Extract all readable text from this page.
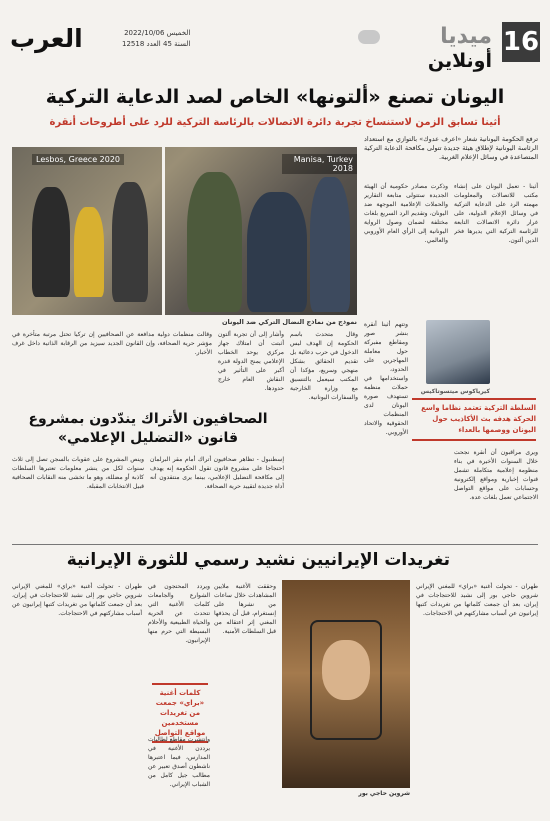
16
ميديا
أونلاين
الخميس 2022/10/06
السنة 45 العدد 12518
العرب
اليونان تصنع «ألتونها» الخاص لصد الدعاية التركية
أثينا تسابق الزمن لاستنساخ تجربة دائرة الاتصالات بالرئاسة التركية للرد على أطروحات أنقرة
Lesbos, Greece 2020	Manisa, Turkey 2018
نموذج من نماذج النضال التركي ضد اليونان
ترفع الحكومة اليونانية شعار «اعرف عدوك» بالتوازي مع استعداد الرئاسة اليونانية لإطلاق هيئة جديدة تتولى مكافحة الدعاية التركية المتصاعدة في وسائل الإعلام الغربية.
أثينا - تعمل اليونان على إنشاء مكتب للاتصالات والمعلومات مهمته الرد على الدعاية التركية في وسائل الإعلام الدولية، على غرار دائرة الاتصالات التابعة للرئاسة التركية التي يديرها فخر الدين ألتون.
وذكرت مصادر حكومية أن الهيئة الجديدة ستتولى متابعة التقارير والحملات الإعلامية الموجهة ضد اليونان، وتقديم الرد السريع بلغات مختلفة لضمان وصول الرواية اليونانية إلى الرأي العام الأوروبي والعالمي.
كيرياكوس ميتسوتاكيس
السلطة التركية تعتمد نظاما واسع الحركة هدفه بث الأكاذيب حول اليونان ووصمها بالعداء
ويرى مراقبون أن أنقرة نجحت خلال السنوات الأخيرة في بناء منظومة إعلامية متكاملة تشمل قنوات إخبارية ومواقع إلكترونية وحسابات على مواقع التواصل الاجتماعي تعمل بلغات عدة.
وتتهم أثينا أنقرة بنشر صور ومقاطع مفبركة حول معاملة المهاجرين على الحدود، واستخدامها في حملات منظمة تستهدف صورة اليونان لدى المنظمات الحقوقية والاتحاد الأوروبي.
وقال متحدث باسم الحكومة إن الهدف ليس الدخول في حرب دعائية بل تقديم الحقائق بشكل منهجي وسريع، مؤكدا أن المكتب سيعمل بالتنسيق مع وزارة الخارجية والسفارات اليونانية.
وأشار إلى أن تجربة ألتون أثبتت أن امتلاك جهاز مركزي يوحد الخطاب الإعلامي يمنح الدولة قدرة أكبر على التأثير في النقاش العام خارج حدودها.
الصحافيون الأتراك يندّدون بمشروع قانون «التضليل الإعلامي»
إسطنبول - تظاهر صحافيون أتراك أمام مقر البرلمان احتجاجا على مشروع قانون تقول الحكومة إنه يهدف إلى مكافحة التضليل الإعلامي، بينما يرى منتقدون أنه أداة جديدة لتقييد حرية الصحافة.
وينص المشروع على عقوبات بالسجن تصل إلى ثلاث سنوات لكل من ينشر معلومات تعتبرها السلطات كاذبة أو مضللة، وهو ما تخشى منه النقابات الصحافية قبيل الانتخابات المقبلة.
وقالت منظمات دولية مدافعة عن الصحافيين إن تركيا تحتل مرتبة متأخرة في مؤشر حرية الصحافة، وإن القانون الجديد سيزيد من الرقابة الذاتية داخل غرف الأخبار.
تغريدات الإيرانيين نشيد رسمي للثورة الإيرانية
طهران - تحولت أغنية «براي» للمغني الإيراني شروين حاجي بور إلى نشيد للاحتجاجات في إيران، بعد أن جمعت كلماتها من تغريدات كتبها إيرانيون عن أسباب مشاركتهم في الاحتجاجات.
شروين حاجي بور
وحققت الأغنية ملايين المشاهدات خلال ساعات من نشرها على إنستغرام، قبل أن يحذفها المغني إثر اعتقاله من قبل السلطات الأمنية.
ويردد المحتجون في الشوارع والجامعات كلمات الأغنية التي تتحدث عن الحرية والحياة الطبيعية والأحلام البسيطة التي حرم منها الإيرانيون.
كلمات أغنية «براي» جمعت من تغريدات مستخدمين مواقع التواصل
وانتشرت مقاطع لطالبات يرددن الأغنية في المدارس، فيما اعتبرها ناشطون أصدق تعبير عن مطالب جيل كامل من الشباب الإيراني.
طهران - تحولت أغنية «براي» للمغني الإيراني شروين حاجي بور إلى نشيد للاحتجاجات في إيران، بعد أن جمعت كلماتها من تغريدات كتبها إيرانيون عن أسباب مشاركتهم في الاحتجاجات.
